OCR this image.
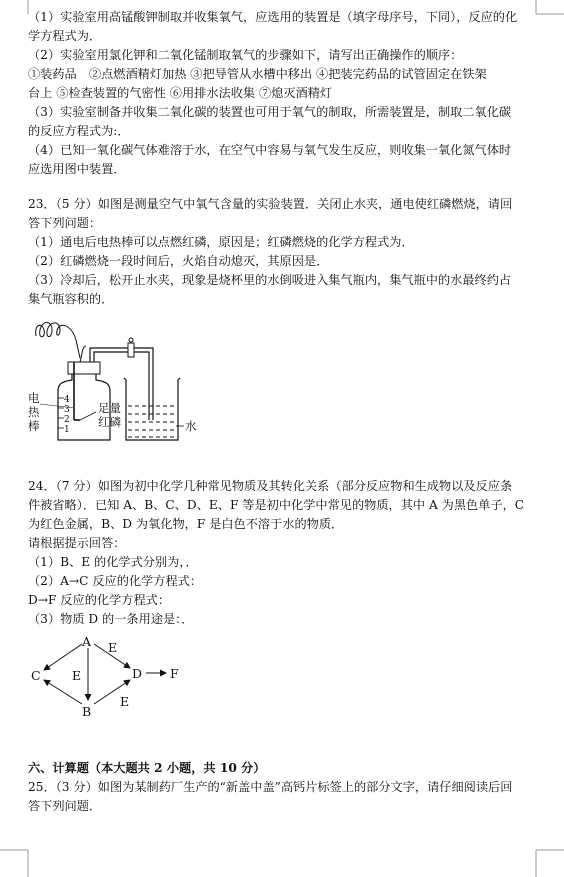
（1）实验室用高锰酸钾制取并收集氧气，应选用的装置是（填字母序号，下同），反应的化
学方程式为．
（2）实验室用氯化钾和二氧化锰制取氧气的步骤如下，请写出正确操作的顺序：
①装药品　②点燃酒精灯加热 ③把导管从水槽中移出 ④把装完药品的试管固定在铁架
台上 ⑤检查装置的气密性 ⑥用排水法收集 ⑦熄灭酒精灯
（3）实验室制备并收集二氧化碳的装置也可用于氧气的制取，所需装置是，制取二氧化碳
的反应方程式为:．
（4）已知一氧化碳气体难溶于水，在空气中容易与氧气发生反应，则收集一氧化氮气体时
应选用图中装置．
23．（5 分）如图是测量空气中氧气含量的实验装置．关闭止水夹，通电使红磷燃烧，请回
答下列问题：
（1）通电后电热棒可以点燃红磷，原因是；红磷燃烧的化学方程式为．
（2）红磷燃烧一段时间后，火焰自动熄灭，其原因是．
（3）冷却后，松开止水夹，现象是烧杯里的水倒吸进入集气瓶内，集气瓶中的水最终约占
集气瓶容积的．
4
3
2
1
电
热
棒
足量
红磷	水
24．（7 分）如图为初中化学几种常见物质及其转化关系（部分反应物和生成物以及反应条
件被省略）．已知 A、B、C、D、E、F 等是初中化学中常见的物质，其中 A 为黑色单子，C
为红色金属，B、D 为氧化物，F 是白色不溶于水的物质．
请根据提示回答：
（1）B、E 的化学式分别为，．
（2）A→C 反应的化学方程式：
D→F 反应的化学方程式：
（3）物质 D 的一条用途是：．
A
C	D
B
F
E
E
E
六、计算题（本大题共 2 小题，共 10 分）
25．（3 分）如图为某制药厂生产的“新盖中盖”高钙片标签上的部分文字，请仔细阅读后回
答下列问题．
